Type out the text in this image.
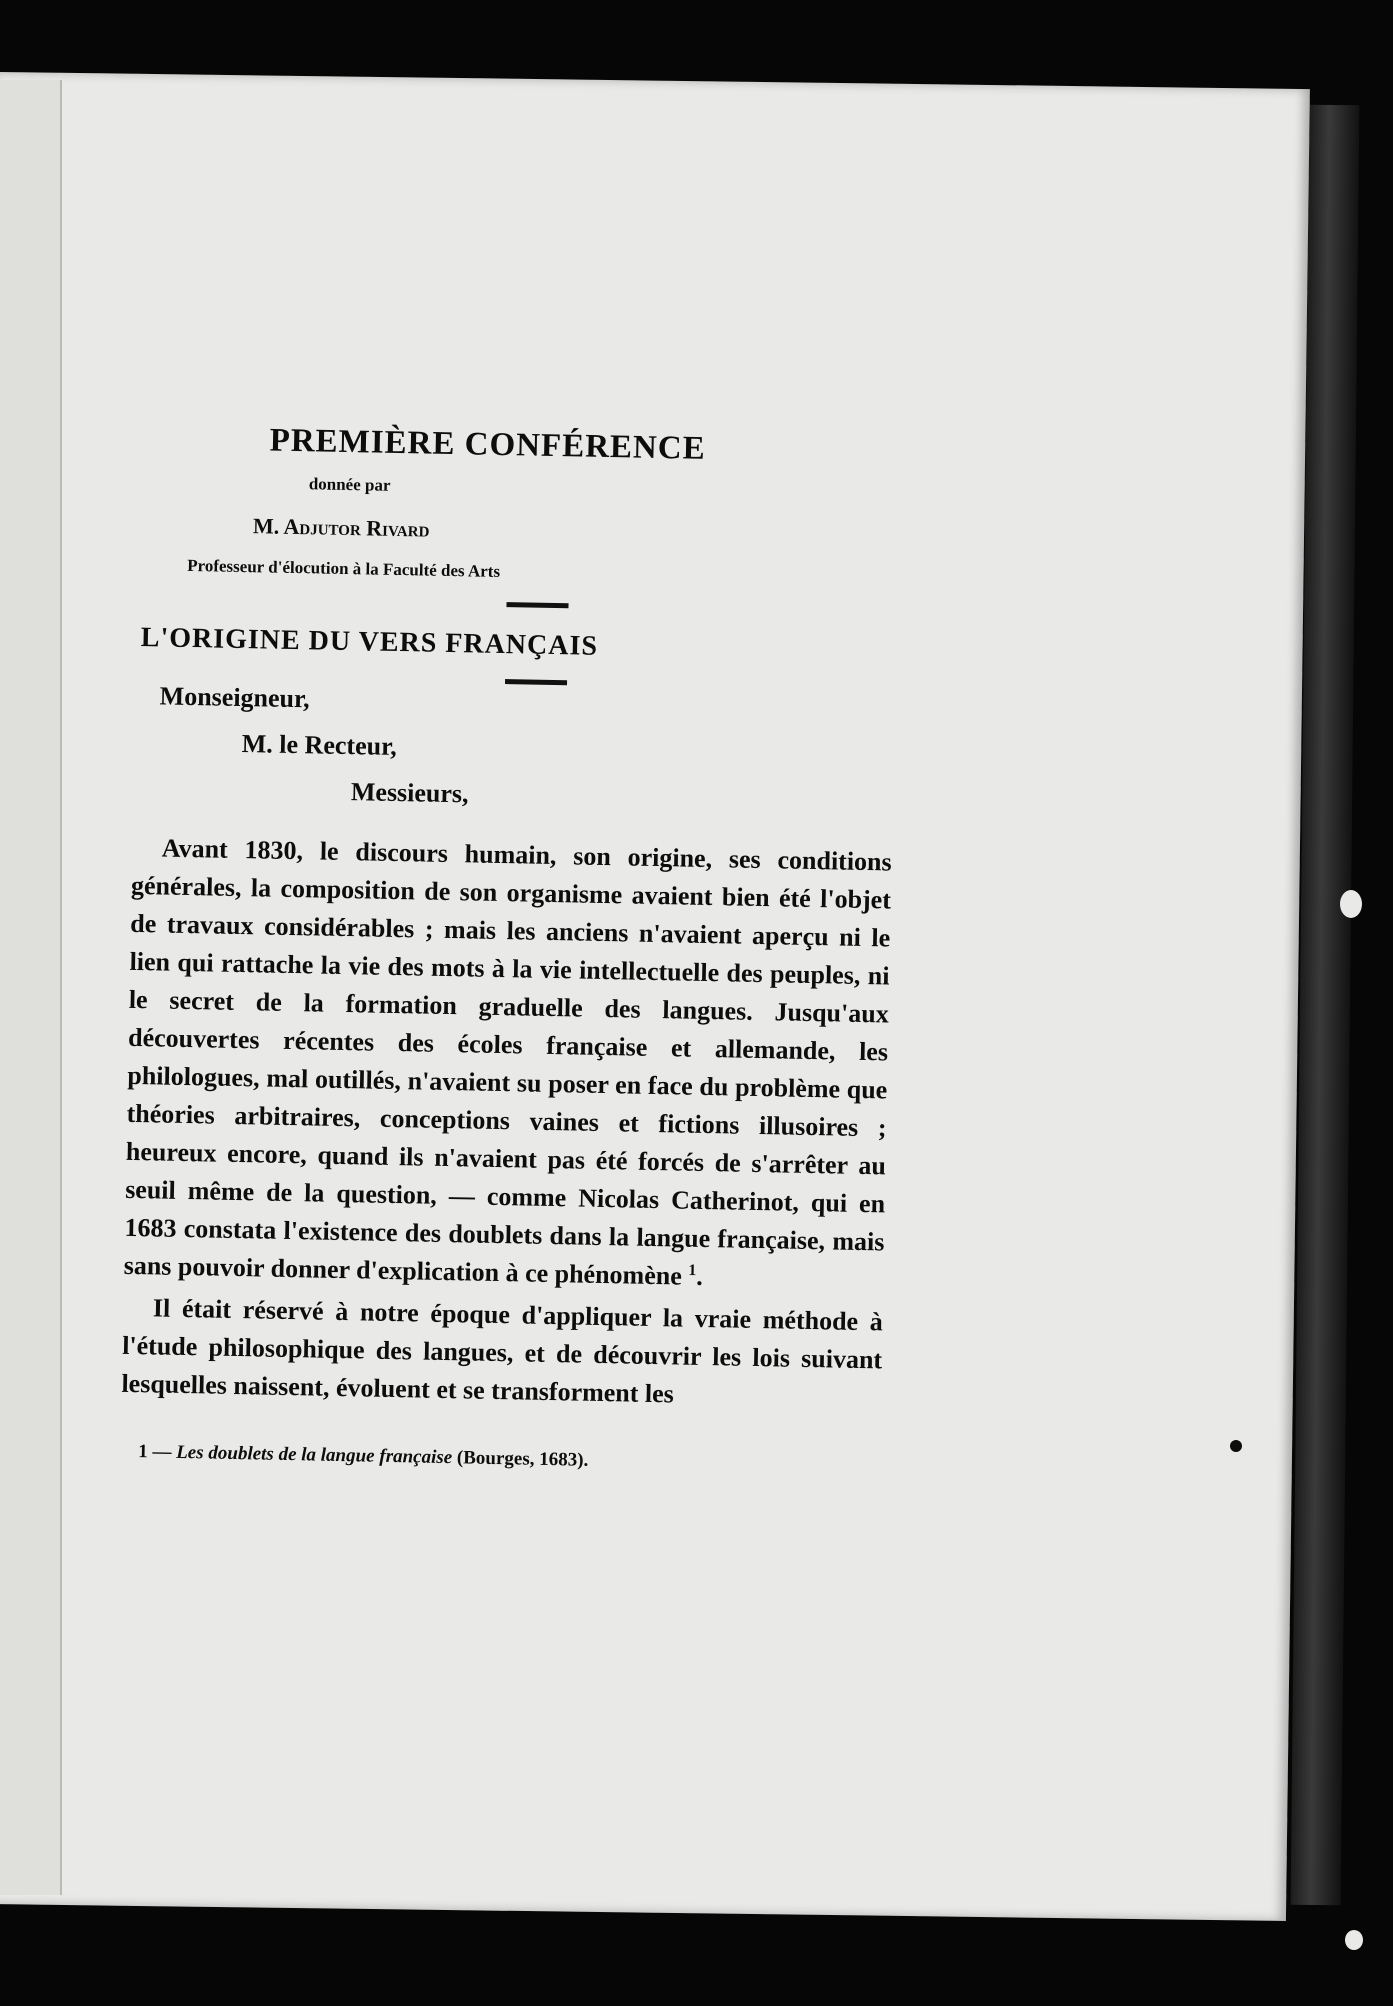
PREMIÈRE CONFÉRENCE
donnée par
M. Adjutor Rivard
Professeur d'élocution à la Faculté des Arts
L'ORIGINE DU VERS FRANÇAIS
Monseigneur,
M. le Recteur,
Messieurs,

Avant 1830, le discours humain, son origine, ses conditions générales, la composition de son organisme avaient bien été l'objet de travaux considérables ; mais les anciens n'avaient aperçu ni le lien qui rattache la vie des mots à la vie intellectuelle des peuples, ni le secret de la formation graduelle des langues. Jusqu'aux découvertes récentes des écoles française et allemande, les philologues, mal outillés, n'avaient su poser en face du problème que théories arbitraires, conceptions vaines et fictions illusoires ; heureux encore, quand ils n'avaient pas été forcés de s'arrêter au seuil même de la question, — comme Nicolas Catherinot, qui en 1683 constata l'existence des doublets dans la langue française, mais sans pouvoir donner d'explication à ce phénomène $^1$.

Il était réservé à notre époque d'appliquer la vraie méthode à l'étude philosophique des langues, et de découvrir les lois suivant lesquelles naissent, évoluent et se transforment les

1 — Les doublets de la langue française (Bourges, 1683).
